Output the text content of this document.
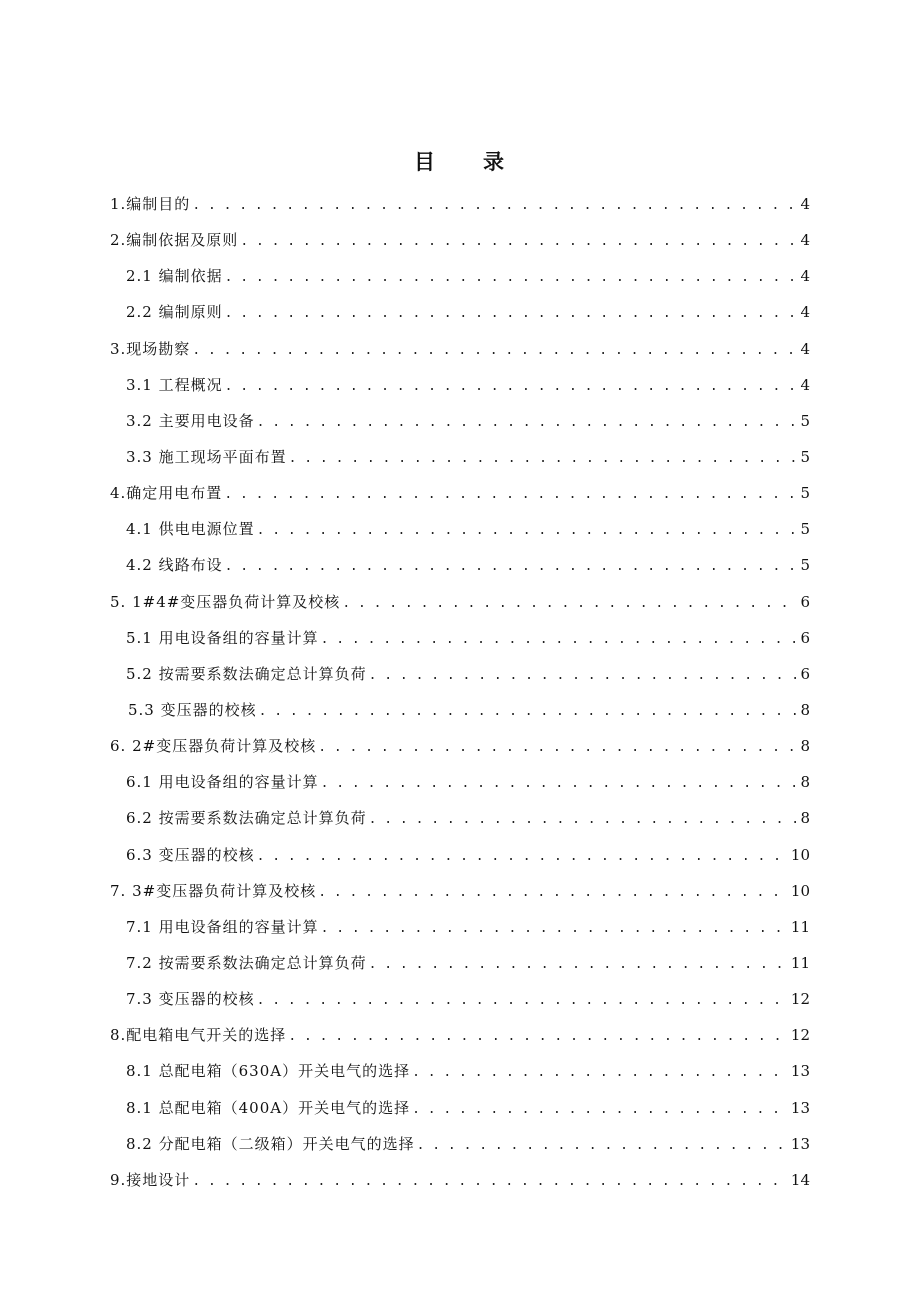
目 录
1.编制目的 . . .	4
2.编制依据及原则 . . .	4
2.1 编制依据 . . .	4
2.2 编制原则 . . .	4
3.现场勘察 . . .	4
3.1 工程概况 . . .	4
3.2 主要用电设备 . . .	5
3.3 施工现场平面布置 . . .	5
4.确定用电布置 . . .	5
4.1 供电电源位置 . . .	5
4.2 线路布设 . . .	5
5. 1#4#变压器负荷计算及校核 . . .	6
5.1 用电设备组的容量计算 . . .	6
5.2 按需要系数法确定总计算负荷 . . .	6
5.3 变压器的校核 . . .	8
6. 2#变压器负荷计算及校核 . . .	8
6.1 用电设备组的容量计算 . . .	8
6.2 按需要系数法确定总计算负荷 . . .	8
6.3 变压器的校核 . . .	10
7. 3#变压器负荷计算及校核 . . .	10
7.1 用电设备组的容量计算 . . .	11
7.2 按需要系数法确定总计算负荷 . . .	11
7.3 变压器的校核 . . .	12
8.配电箱电气开关的选择 . . .	12
8.1 总配电箱（630A）开关电气的选择 . . .	13
8.1 总配电箱（400A）开关电气的选择 . . .	13
8.2 分配电箱（二级箱）开关电气的选择 . . .	13
9.接地设计 . . .	14
